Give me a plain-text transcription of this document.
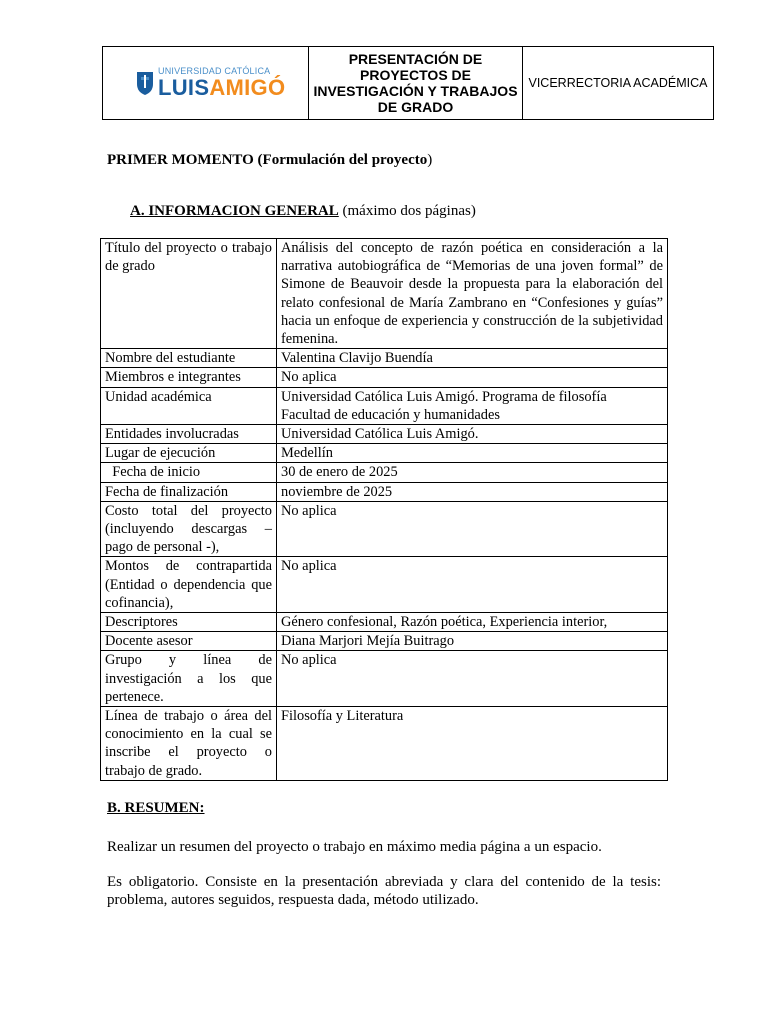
UNIVERSIDAD CATÓLICA
LUISAMIGÓ
	PRESENTACIÓN DE PROYECTOS DE INVESTIGACIÓN Y TRABAJOS DE GRADO	VICERRECTORIA ACADÉMICA
PRIMER MOMENTO (Formulación del proyecto)
A. INFORMACION GENERAL (máximo dos páginas)
Título del proyecto o trabajo de grado	Análisis del concepto de razón poética en consideración a la narrativa autobiográfica de “Memorias de una joven formal” de Simone de Beauvoir desde la propuesta para la elaboración del relato confesional de María Zambrano en “Confesiones y guías” hacia un enfoque de experiencia y construcción de la subjetividad femenina.
Nombre del estudiante	Valentina Clavijo Buendía
Miembros e integrantes	No aplica
Unidad académica	Universidad Católica Luis Amigó. Programa de filosofía
Facultad de educación y humanidades

Entidades involucradas	Universidad Católica Luis Amigó.
Lugar de ejecución	Medellín
Fecha de inicio	30 de enero de 2025
Fecha de finalización	noviembre de 2025
Costo total del proyecto (incluyendo descargas – pago de personal -),	No aplica
Montos de contrapartida (Entidad o dependencia que cofinancia),	No aplica
Descriptores	Género confesional, Razón poética, Experiencia interior,
Docente asesor	Diana Marjori Mejía Buitrago
Grupo y línea de investigación a los que pertenece.	No aplica
Línea de trabajo o área del conocimiento en la cual se inscribe el proyecto o trabajo de grado.	Filosofía y Literatura
B. RESUMEN:
Realizar un resumen del proyecto o trabajo en máximo media página a un espacio.
Es obligatorio. Consiste en la presentación abreviada y clara del contenido de la tesis: problema, autores seguidos, respuesta dada, método utilizado.
